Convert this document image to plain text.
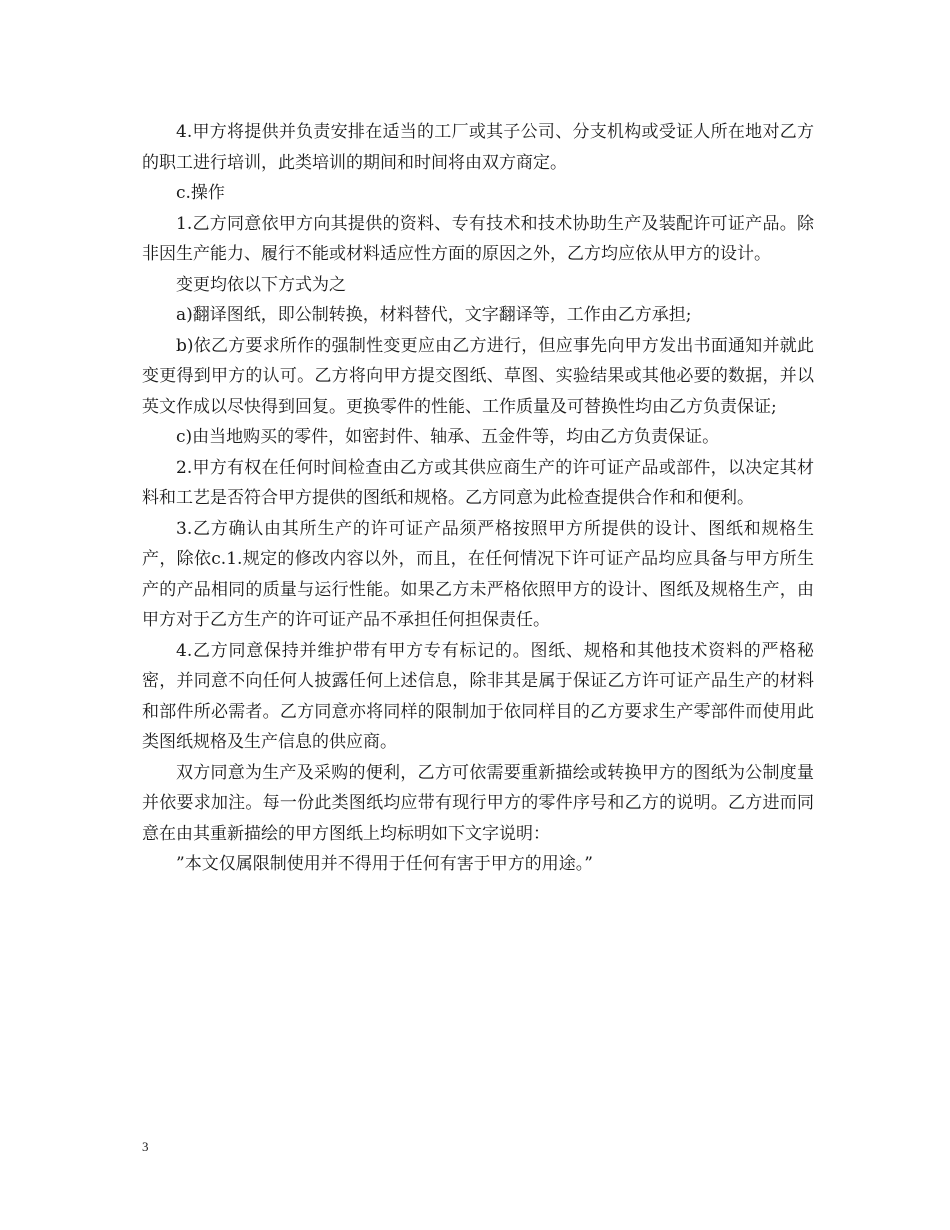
4.甲方将提供并负责安排在适当的工厂或其子公司、分支机构或受证人所在地对乙方的职工进行培训，此类培训的期间和时间将由双方商定。

c.操作

1.乙方同意依甲方向其提供的资料、专有技术和技术协助生产及装配许可证产品。除非因生产能力、履行不能或材料适应性方面的原因之外，乙方均应依从甲方的设计。

变更均依以下方式为之

a)翻译图纸，即公制转换，材料替代，文字翻译等，工作由乙方承担;

b)依乙方要求所作的强制性变更应由乙方进行，但应事先向甲方发出书面通知并就此变更得到甲方的认可。乙方将向甲方提交图纸、草图、实验结果或其他必要的数据，并以英文作成以尽快得到回复。更换零件的性能、工作质量及可替换性均由乙方负责保证;

c)由当地购买的零件，如密封件、轴承、五金件等，均由乙方负责保证。

2.甲方有权在任何时间检查由乙方或其供应商生产的许可证产品或部件，以决定其材料和工艺是否符合甲方提供的图纸和规格。乙方同意为此检查提供合作和和便利。

3.乙方确认由其所生产的许可证产品须严格按照甲方所提供的设计、图纸和规格生产，除依c.1.规定的修改内容以外，而且，在任何情况下许可证产品均应具备与甲方所生产的产品相同的质量与运行性能。如果乙方未严格依照甲方的设计、图纸及规格生产，由甲方对于乙方生产的许可证产品不承担任何担保责任。

4.乙方同意保持并维护带有甲方专有标记的。图纸、规格和其他技术资料的严格秘密，并同意不向任何人披露任何上述信息，除非其是属于保证乙方许可证产品生产的材料和部件所必需者。乙方同意亦将同样的限制加于依同样目的乙方要求生产零部件而使用此类图纸规格及生产信息的供应商。

双方同意为生产及采购的便利，乙方可依需要重新描绘或转换甲方的图纸为公制度量并依要求加注。每一份此类图纸均应带有现行甲方的零件序号和乙方的说明。乙方进而同意在由其重新描绘的甲方图纸上均标明如下文字说明：

”本文仅属限制使用并不得用于任何有害于甲方的用途。”

3
